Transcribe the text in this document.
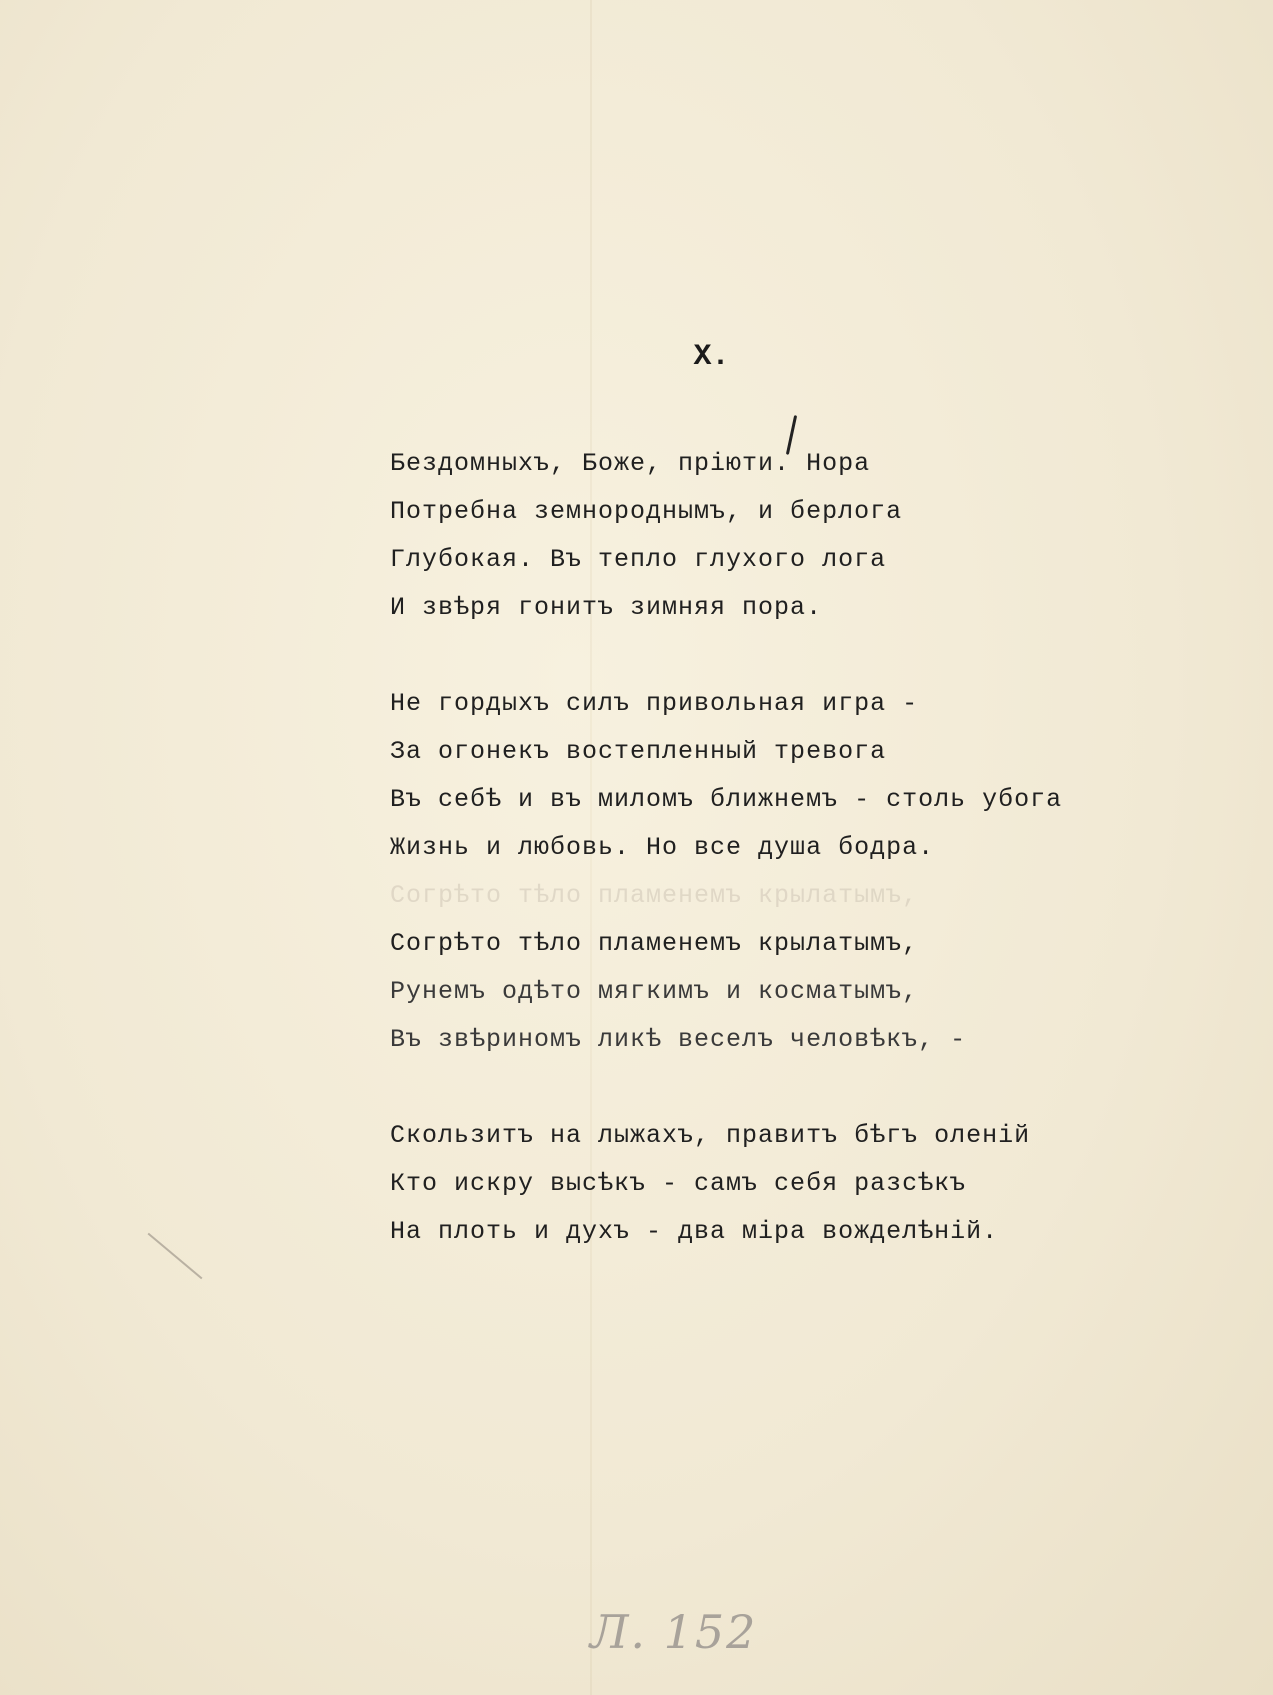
X.
Бездомныхъ, Боже, пріюти. Нора
Потребна земнороднымъ, и берлога
Глубокая. Въ тепло глухого лога
И звѣря гонитъ зимняя пора.
Не гордыхъ силъ привольная игра -
За огонекъ востепленный тревога
Въ себѣ и въ миломъ ближнемъ - столь убога
Жизнь и любовь. Но все душа бодра.
Согрѣто тѣло пламенемъ крылатымъ,
Согрѣто тѣло пламенемъ крылатымъ,
Рунемъ одѣто мягкимъ и косматымъ,
Въ звѣриномъ ликѣ веселъ человѣкъ, -
Скользитъ на лыжахъ, правитъ бѣгъ оленій
Кто искру высѣкъ - самъ себя разсѣкъ
На плоть и духъ - два міра вожделѣній.
Л. 152
